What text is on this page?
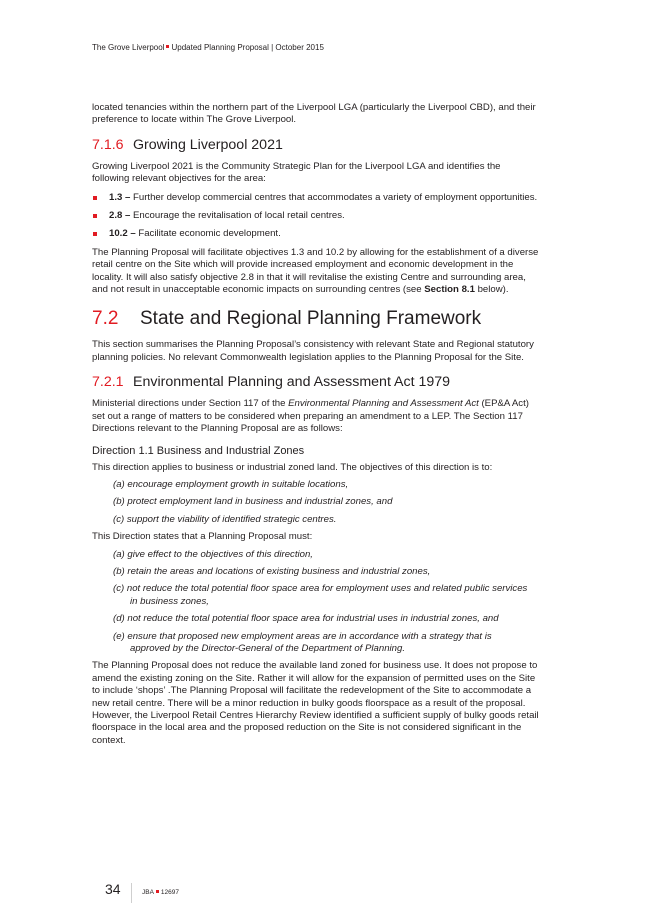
The Grove Liverpool Updated Planning Proposal | October 2015

located tenancies within the northern part of the Liverpool LGA (particularly the Liverpool CBD), and their preference to locate within The Grove Liverpool.

7.1.6 Growing Liverpool 2021

Growing Liverpool 2021 is the Community Strategic Plan for the Liverpool LGA and identifies the following relevant objectives for the area:

1.3 – Further develop commercial centres that accommodates a variety of employment opportunities.
2.8 – Encourage the revitalisation of local retail centres.
10.2 – Facilitate economic development.

The Planning Proposal will facilitate objectives 1.3 and 10.2 by allowing for the establishment of a diverse retail centre on the Site which will provide increased employment and economic development in the locality. It will also satisfy objective 2.8 in that it will revitalise the existing Centre and surrounding area, and not result in unacceptable economic impacts on surrounding centres (see Section 8.1 below).

7.2 State and Regional Planning Framework

This section summarises the Planning Proposal’s consistency with relevant State and Regional statutory planning policies. No relevant Commonwealth legislation applies to the Planning Proposal for the Site.

7.2.1 Environmental Planning and Assessment Act 1979

Ministerial directions under Section 117 of the Environmental Planning and Assessment Act (EP&A Act) set out a range of matters to be considered when preparing an amendment to a LEP. The Section 117 Directions relevant to the Planning Proposal are as follows:

Direction 1.1 Business and Industrial Zones

This direction applies to business or industrial zoned land. The objectives of this direction is to:

(a) encourage employment growth in suitable locations,
(b) protect employment land in business and industrial zones, and
(c) support the viability of identified strategic centres.

This Direction states that a Planning Proposal must:

(a) give effect to the objectives of this direction,
(b) retain the areas and locations of existing business and industrial zones,
(c) not reduce the total potential floor space area for employment uses and related public services in business zones,
(d) not reduce the total potential floor space area for industrial uses in industrial zones, and
(e) ensure that proposed new employment areas are in accordance with a strategy that is approved by the Director-General of the Department of Planning.

The Planning Proposal does not reduce the available land zoned for business use. It does not propose to amend the existing zoning on the Site. Rather it will allow for the expansion of permitted uses on the Site to include ‘shops’ .The Planning Proposal will facilitate the redevelopment of the Site to accommodate a new retail centre. There will be a minor reduction in bulky goods floorspace as a result of the proposal. However, the Liverpool Retail Centres Hierarchy Review identified a sufficient supply of bulky goods retail floorspace in the local area and the proposed reduction on the Site is not considered significant in the context.

34	JBA 12697
